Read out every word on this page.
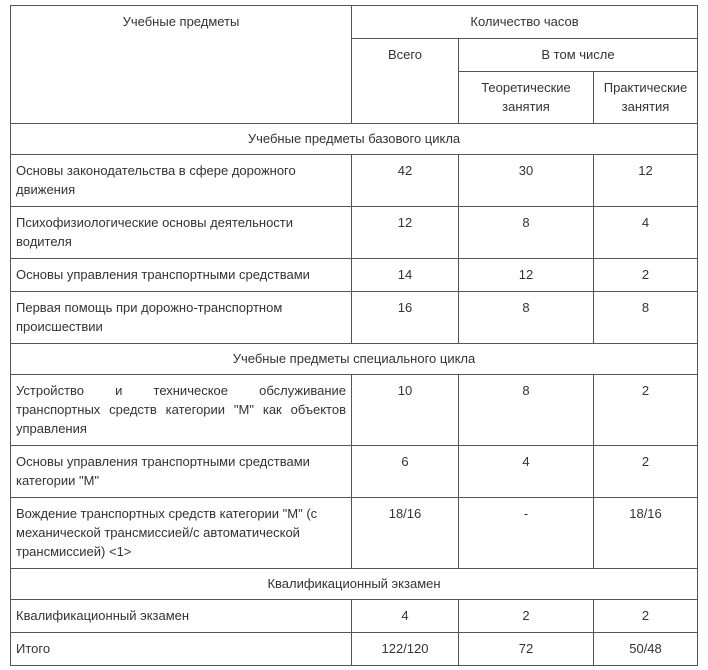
Учебные предметы	Количество часов		
	Всего	В том числе	
		Теоретические занятия	Практические занятия
Учебные предметы базового цикла			
Основы законодательства в сфере дорожного движения	42	30	12
Психофизиологические основы деятельности водителя	12	8	4
Основы управления транспортными средствами	14	12	2
Первая помощь при дорожно-транспортном происшествии	16	8	8
Учебные предметы специального цикла			
Устройство и техническое обслуживание транспортных средств категории "M" как объектов управления	10	8	2
Основы управления транспортными средствами категории "M"	6	4	2
Вождение транспортных средств категории "M" (с механической трансмиссией/с автоматической трансмиссией) <1>	18/16	-	18/16
Квалификационный экзамен			
Квалификационный экзамен	4	2	2
Итого	122/120	72	50/48
